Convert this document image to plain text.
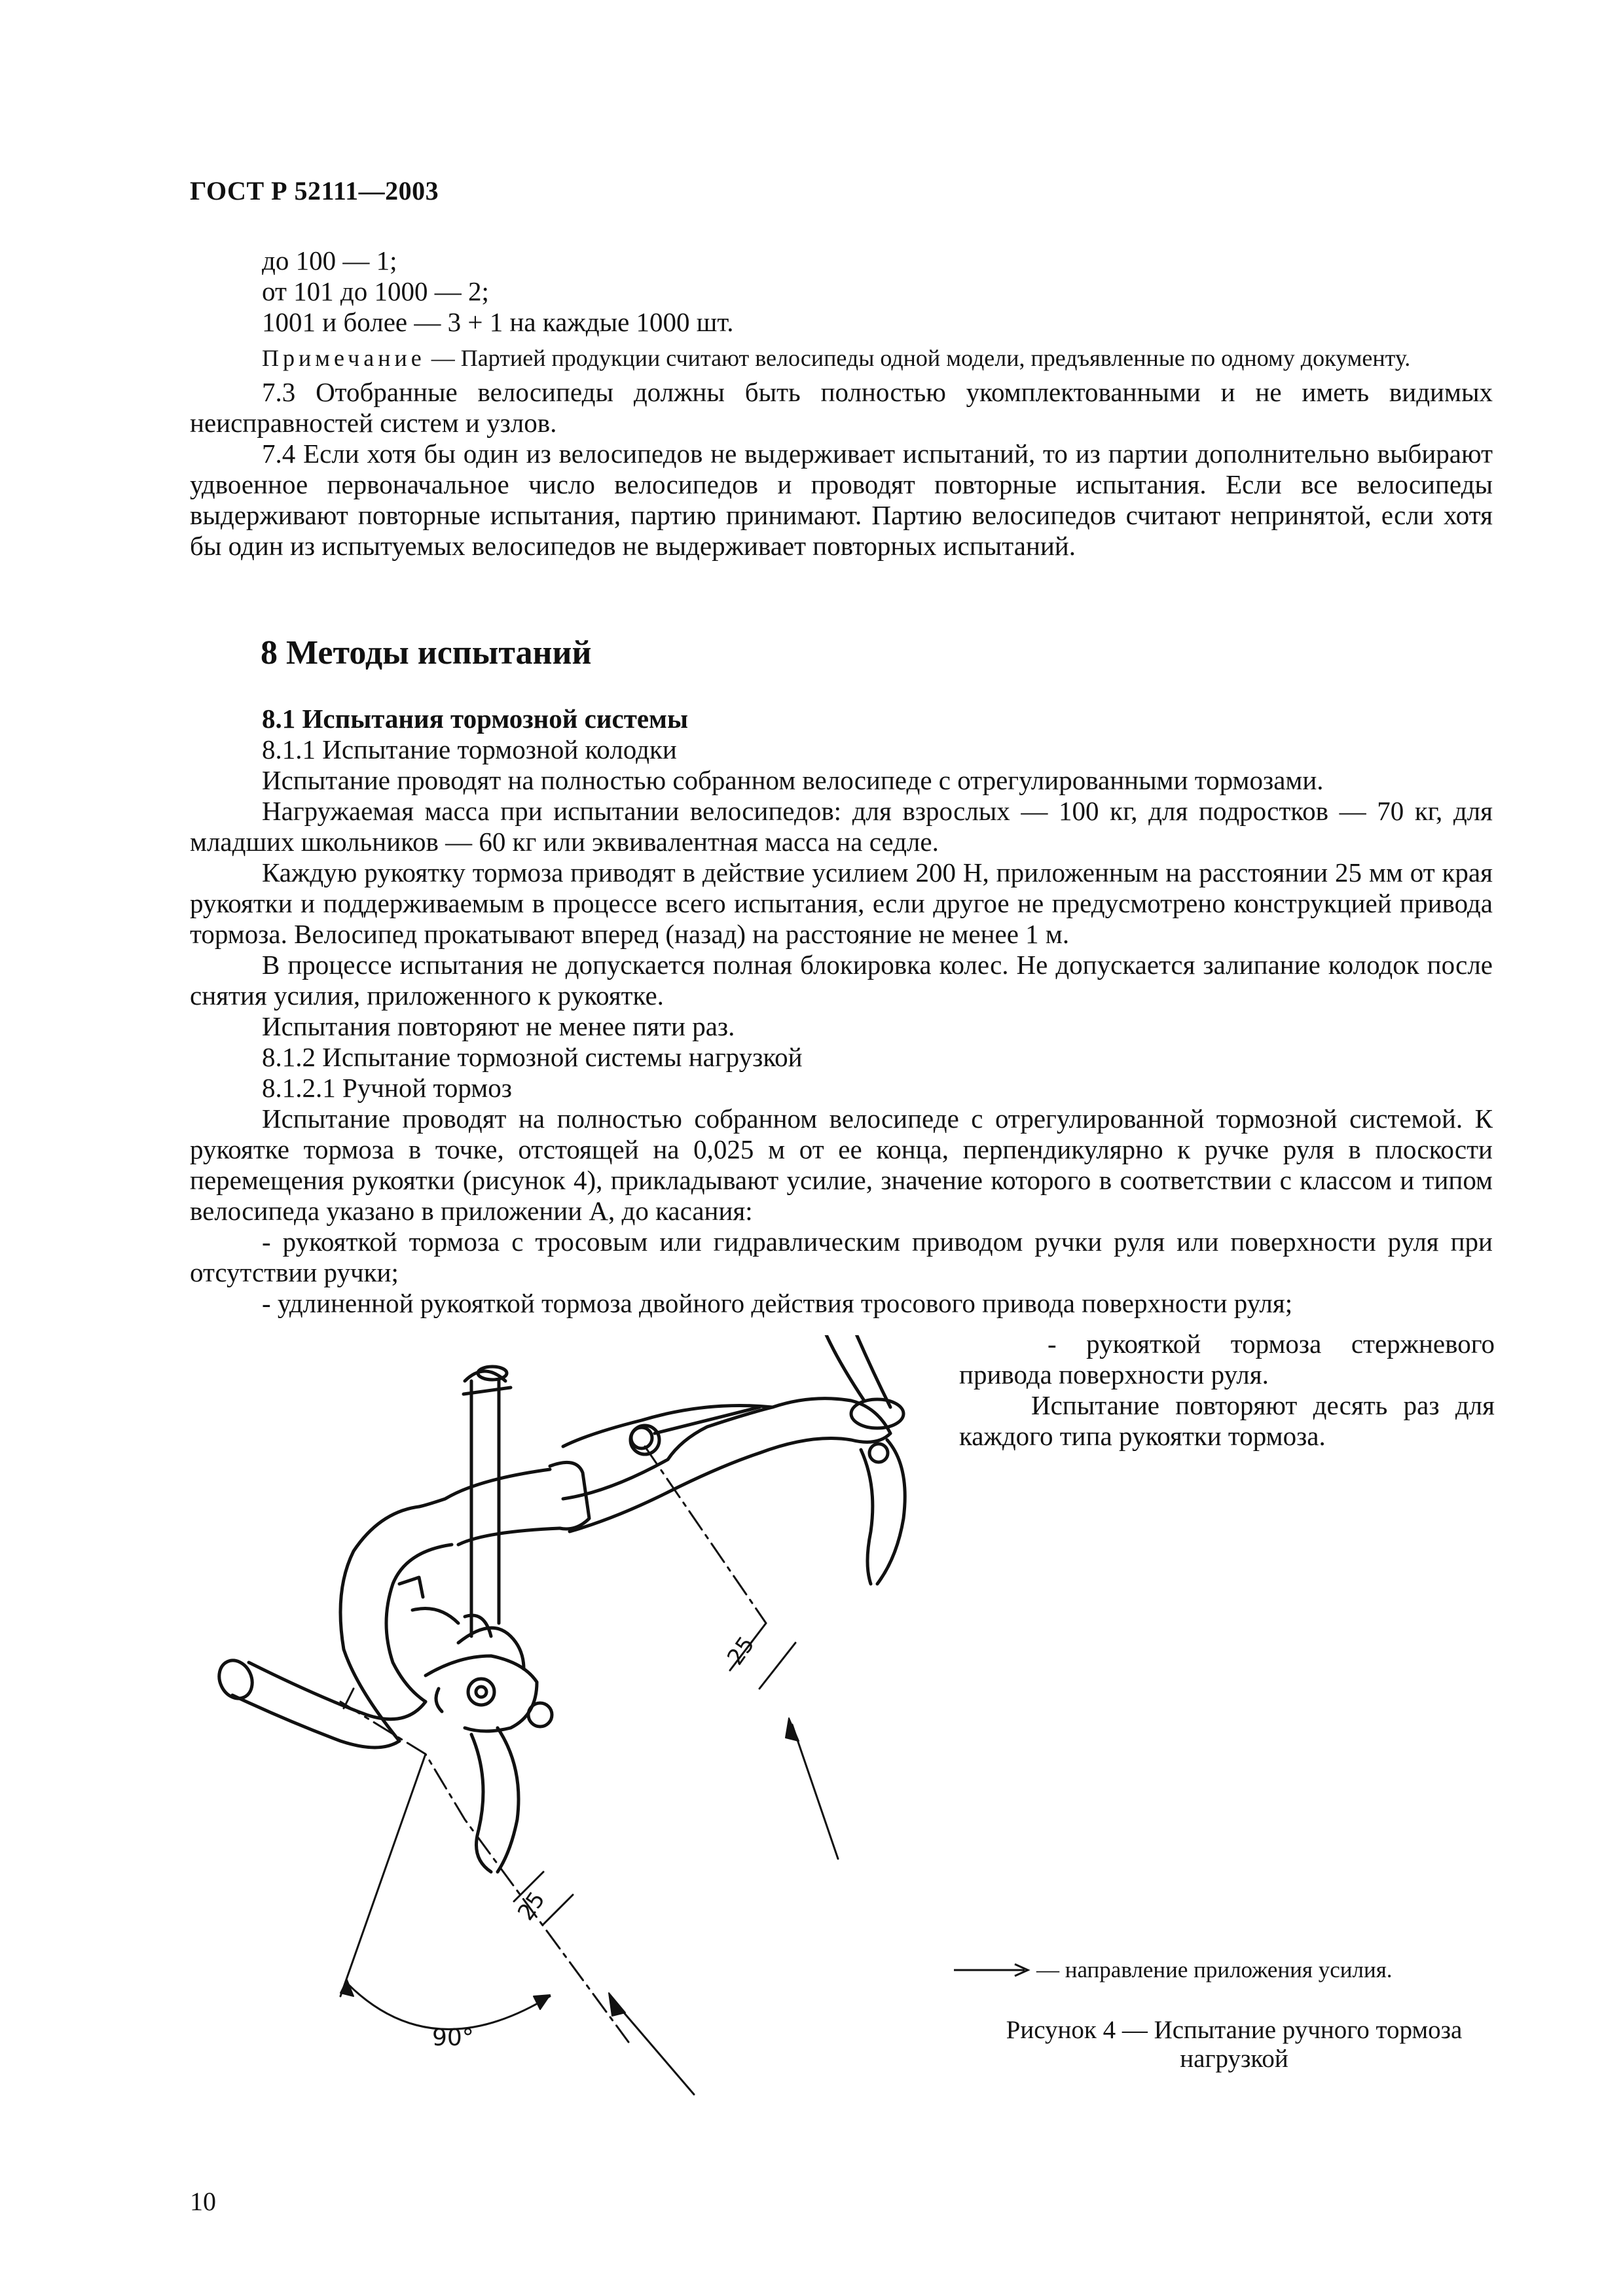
ГОСТ Р 52111—2003

до 100 — 1;

от 101 до 1000 — 2;

1001 и более — 3 + 1 на каждые 1000 шт.

Примечание — Партией продукции считают велосипеды одной модели, предъявленные по одному документу.

7.3 Отобранные велосипеды должны быть полностью укомплектованными и не иметь видимых неисправностей систем и узлов.

7.4 Если хотя бы один из велосипедов не выдерживает испытаний, то из партии дополнительно выбирают удвоенное первоначальное число велосипедов и проводят повторные испытания. Если все велосипеды выдерживают повторные испытания, партию принимают. Партию велосипедов считают непринятой, если хотя бы один из испытуемых велосипедов не выдерживает повторных испытаний.

8 Методы испытаний

8.1 Испытания тормозной системы

8.1.1 Испытание тормозной колодки

Испытание проводят на полностью собранном велосипеде с отрегулированными тормозами.

Нагружаемая масса при испытании велосипедов: для взрослых — 100 кг, для подростков — 70 кг, для младших школьников — 60 кг или эквивалентная масса на седле.

Каждую рукоятку тормоза приводят в действие усилием 200 Н, приложенным на расстоянии 25 мм от края рукоятки и поддерживаемым в процессе всего испытания, если другое не предусмотрено конструкцией привода тормоза. Велосипед прокатывают вперед (назад) на расстояние не менее 1 м.

В процессе испытания не допускается полная блокировка колес. Не допускается залипание колодок после снятия усилия, приложенного к рукоятке.

Испытания повторяют не менее пяти раз.

8.1.2 Испытание тормозной системы нагрузкой

8.1.2.1 Ручной тормоз

Испытание проводят на полностью собранном велосипеде с отрегулированной тормозной системой. К рукоятке тормоза в точке, отстоящей на 0,025 м от ее конца, перпендикулярно к ручке руля в плоскости перемещения рукоятки (рисунок 4), прикладывают усилие, значение которого в соответствии с классом и типом велосипеда указано в приложении А, до касания:

- рукояткой тормоза с тросовым или гидравлическим приводом ручки руля или поверхности руля при отсутствии ручки;

- удлиненной рукояткой тормоза двойного действия тросового привода поверхности руля;

- рукояткой тормоза стержневого привода поверхности руля.

Испытание повторяют десять раз для каждого типа рукоятки тормоза.

25
25
90°
— направление приложения усилия.
Рисунок 4 — Испытание ручного тормоза нагрузкой
10
